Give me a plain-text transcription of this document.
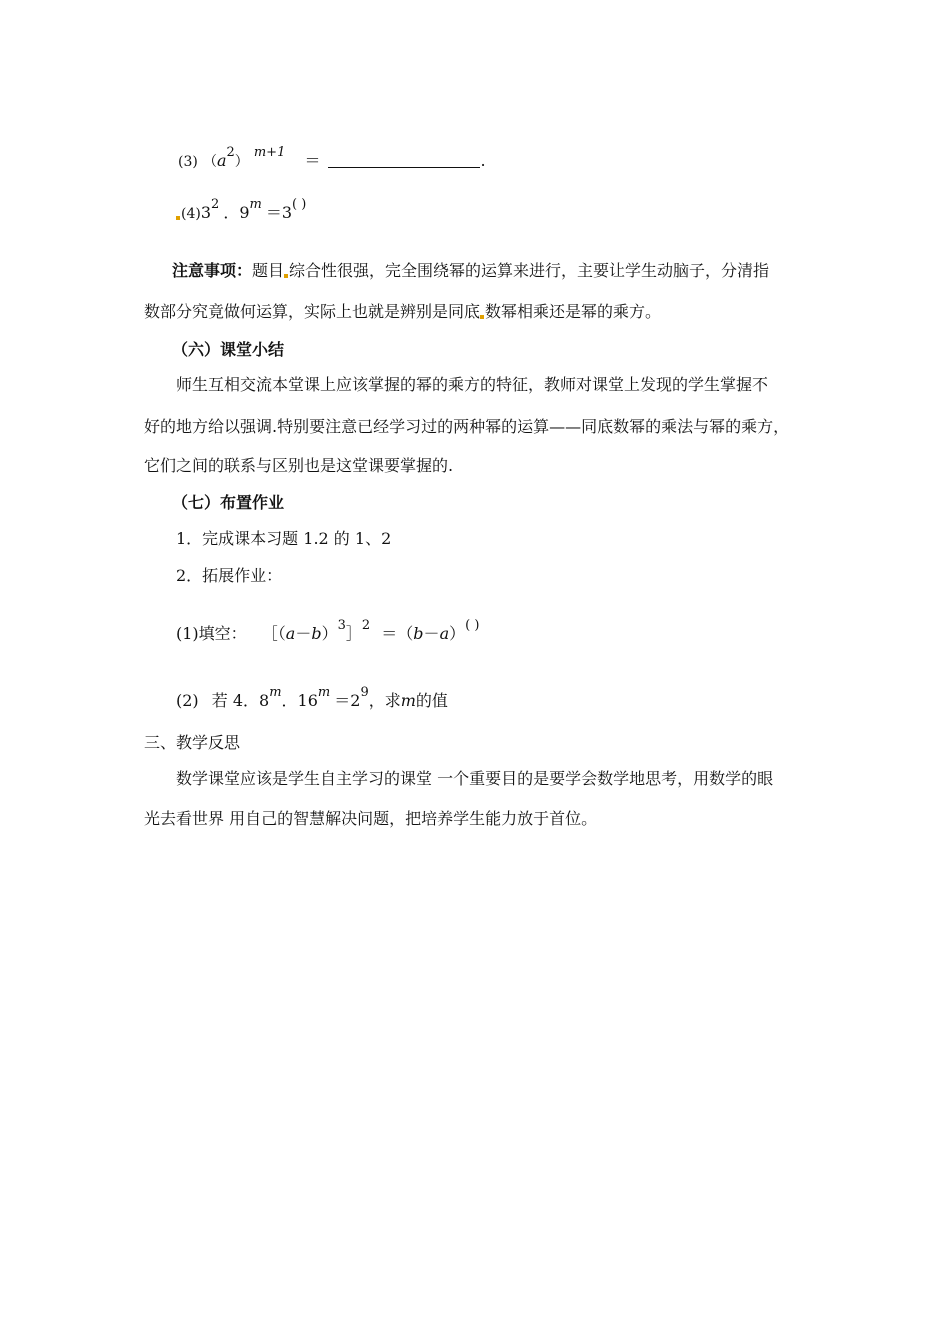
(3) $(a^2) ^{m+1}$ ＝	.
$(4)3^2$ ．$9^m =3^{( )}$
注意事项：题目 综合性很强，完全围绕幂的运算来进行，主要让学生动脑子，分清指
数部分究竟做何运算，实际上也就是辨别是同底 数幂相乘还是幂的乘方。
（六）课堂小结
师生互相交流本堂课上应该掌握的幂的乘方的特征，教师对课堂上发现的学生掌握不
好的地方给以强调.特别要注意已经学习过的两种幂的运算——同底数幂的乘法与幂的乘方，
它们之间的联系与区别也是这堂课要掌握的.
（七）布置作业
1．完成课本习题 1.2 的 1、2
2．拓展作业：
(1)填空： $[(a-b)^3]^2 =(b-a)^{( )}$
(2) 若 4．8$^m$．$16^m =2^9$，求m的值
三、教学反思
数学课堂应该是学生自主学习的课堂 一个重要目的是要学会数学地思考，用数学的眼
光去看世界 用自己的智慧解决问题，把培养学生能力放于首位。
